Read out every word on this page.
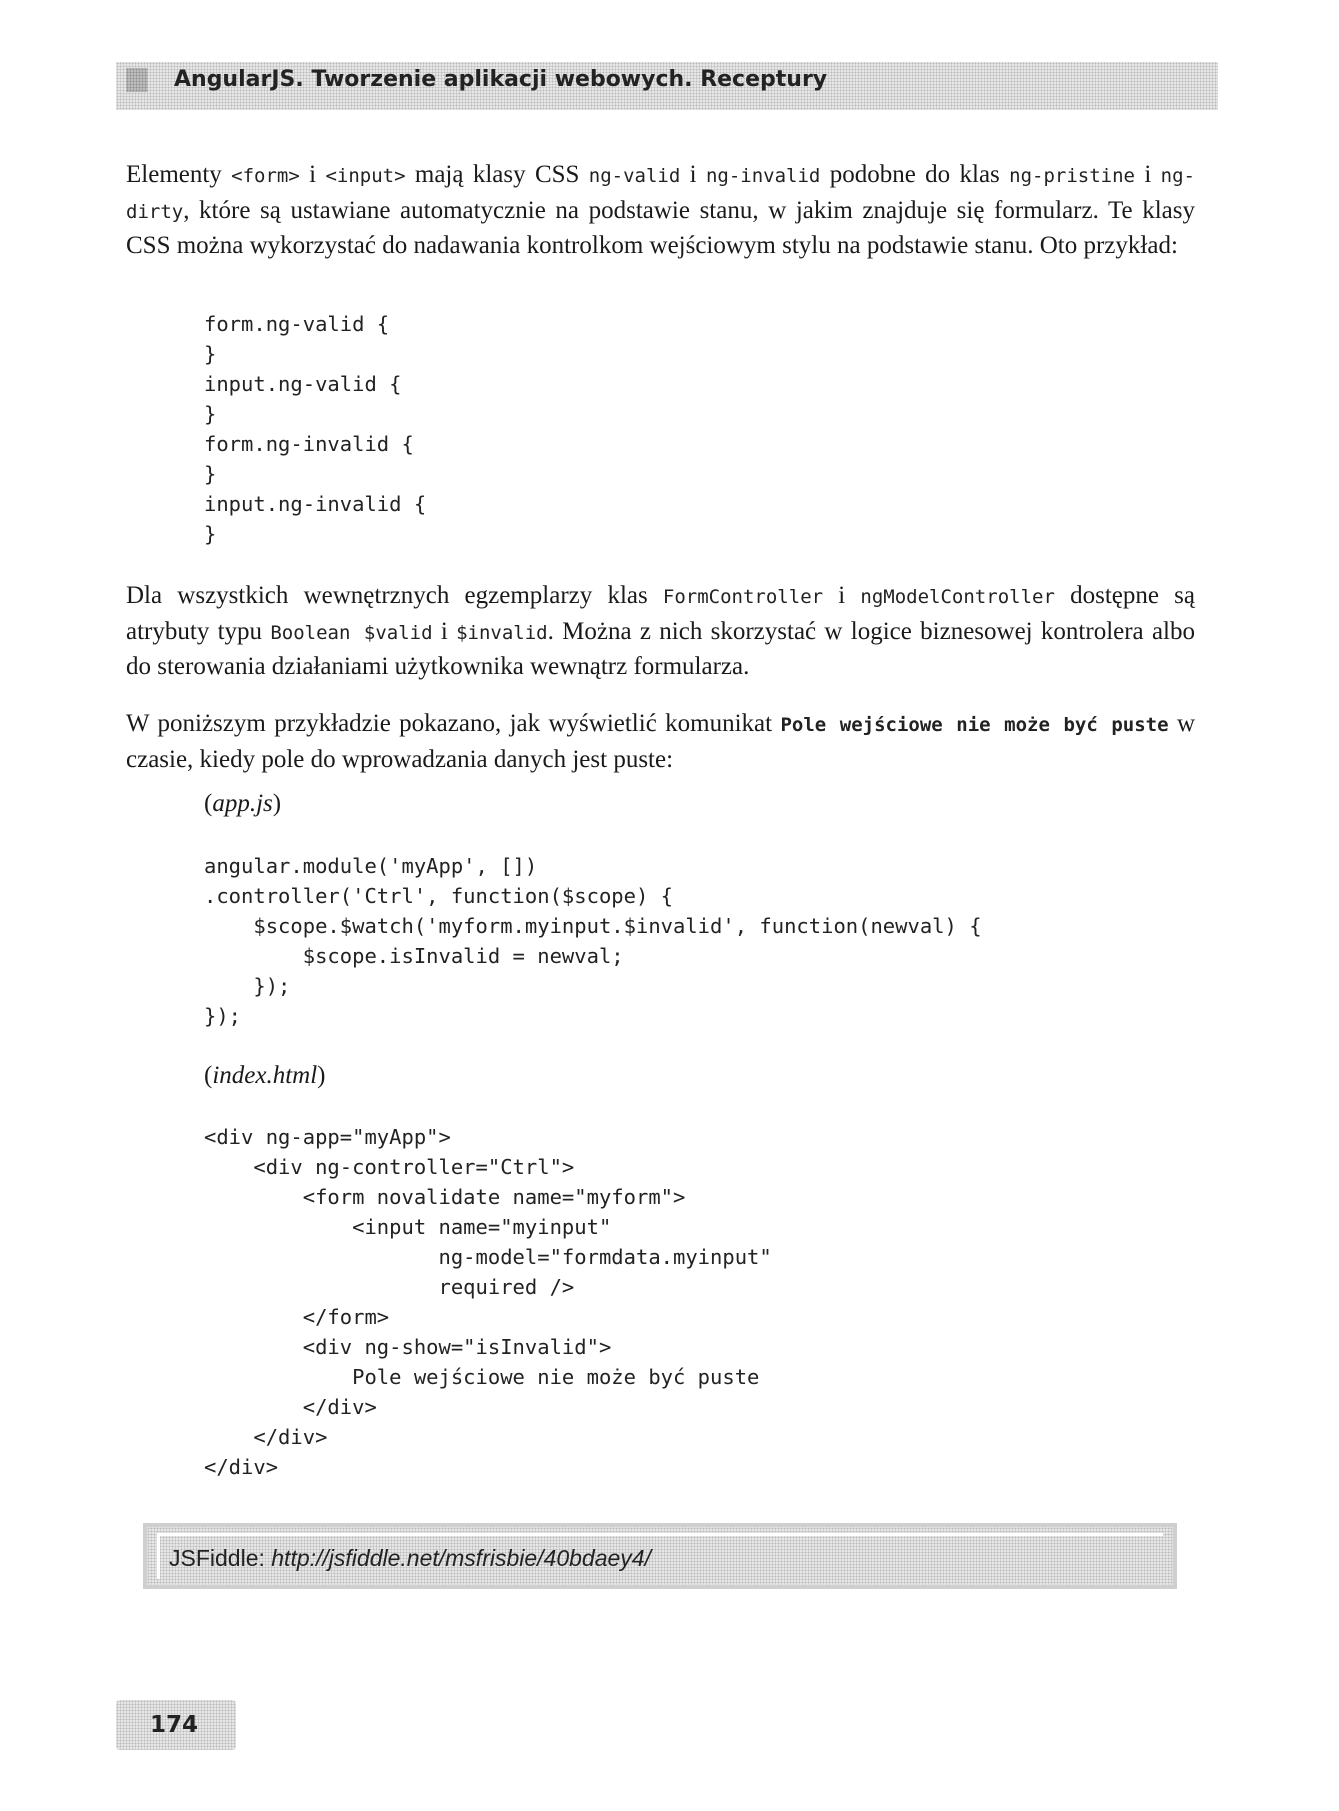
AngularJS. Tworzenie aplikacji webowych. Receptury

Elementy <form> i <input> mają klasy CSS ng-valid i ng-invalid podobne do klas ng-pristine i ng-dirty, które są ustawiane automatycznie na podstawie stanu, w jakim znajduje się formularz. Te klasy CSS można wykorzystać do nadawania kontrolkom wejściowym stylu na podstawie stanu. Oto przykład:

form.ng-valid {
}
input.ng-valid {
}
form.ng-invalid {
}
input.ng-invalid {
}

Dla wszystkich wewnętrznych egzemplarzy klas FormController i ngModelController dostępne są atrybuty typu Boolean $valid i $invalid. Można z nich skorzystać w logice biznesowej kontrolera albo do sterowania działaniami użytkownika wewnątrz formularza.

W poniższym przykładzie pokazano, jak wyświetlić komunikat Pole wejściowe nie może być puste w czasie, kiedy pole do wprowadzania danych jest puste:

(app.js)

angular.module('myApp', [])
.controller('Ctrl', function($scope) {
$scope.$watch('myform.myinput.$invalid', function(newval) {
$scope.isInvalid = newval;
});
});

(index.html)

<div ng-app="myApp">
<div ng-controller="Ctrl">
<form novalidate name="myform">
<input name="myinput"
ng-model="formdata.myinput"
required />
</form>
<div ng-show="isInvalid">
Pole wejściowe nie może być puste
</div>
</div>
</div>
JSFiddle: http://jsfiddle.net/msfrisbie/40bdaey4/
174
